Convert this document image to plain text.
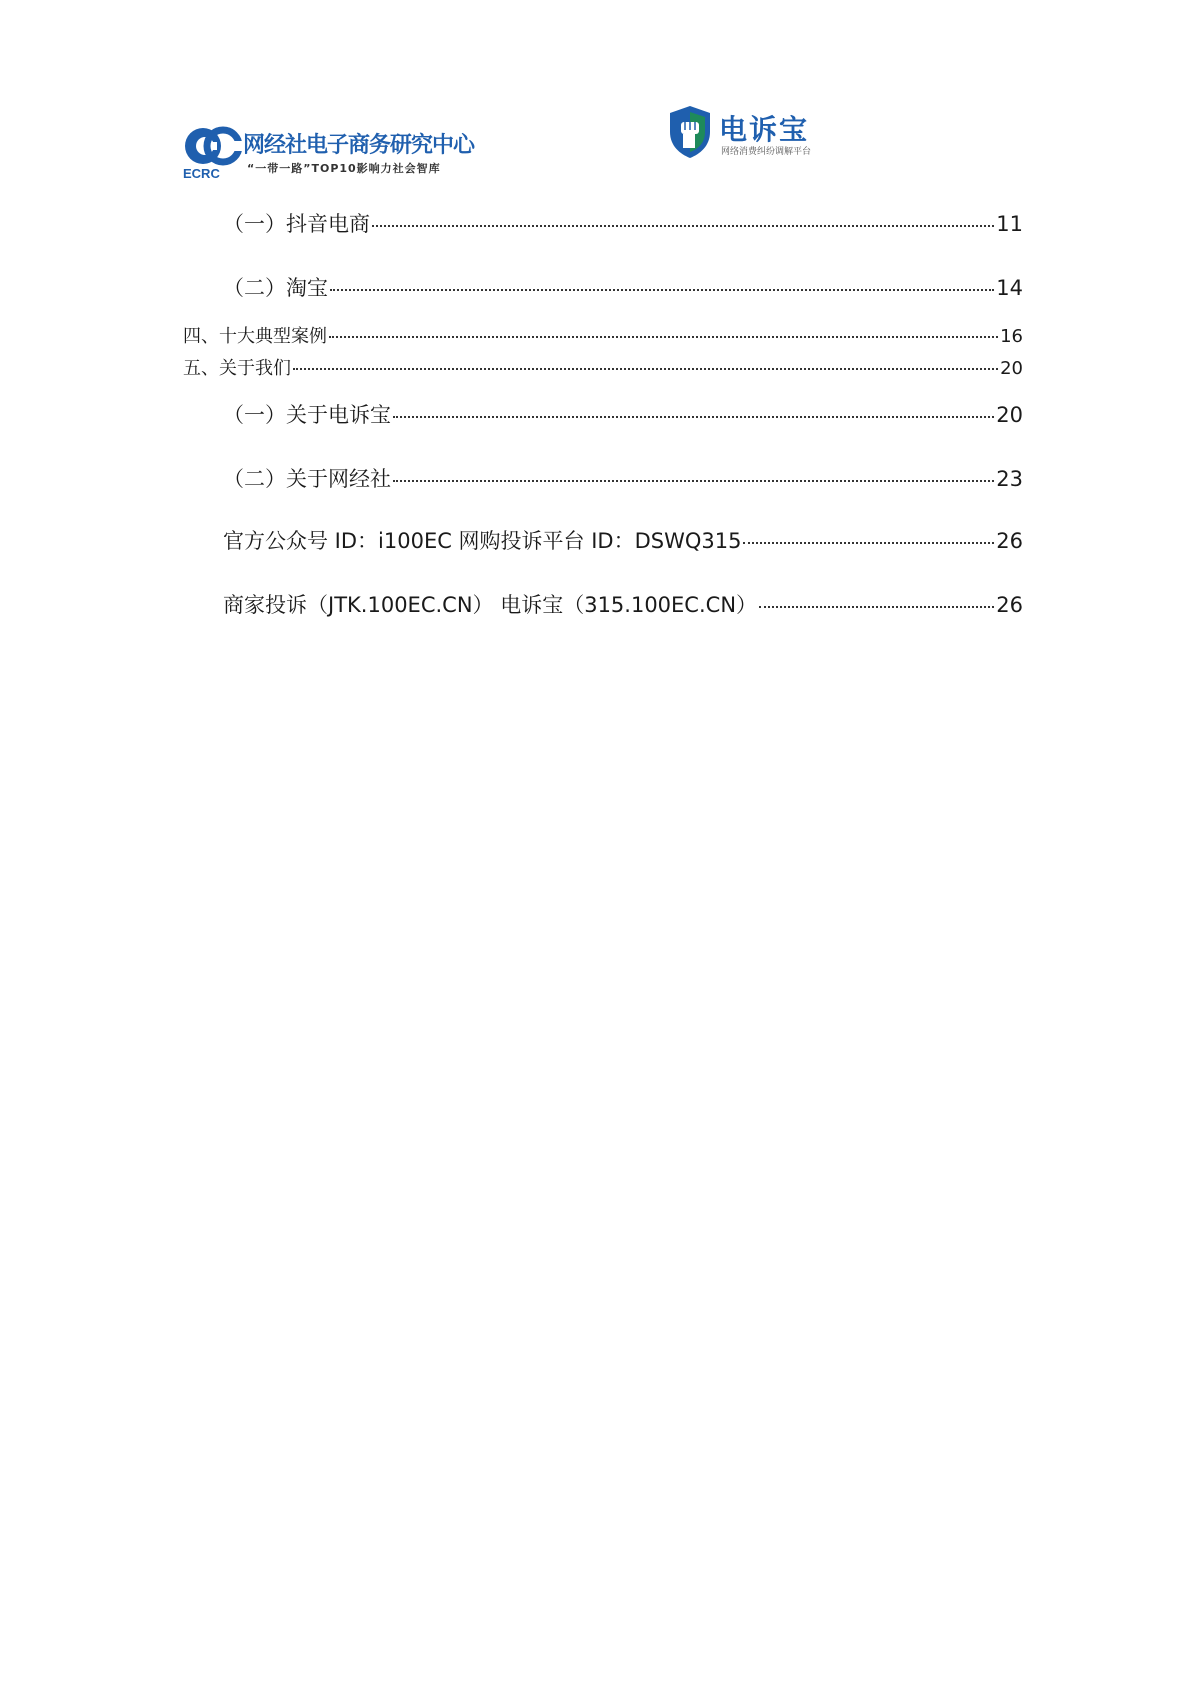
ECRC
网经社电子商务研究中心
“一带一路”TOP10影响力社会智库
电诉宝
网络消费纠纷调解平台
（一）抖音电商	11
（二）淘宝	14
四、十大典型案例	16
五、关于我们	20
（一）关于电诉宝	20
（二）关于网经社	23
官方公众号 ID：i100EC 网购投诉平台 ID：DSWQ315	26
商家投诉（JTK.100EC.CN） 电诉宝（315.100EC.CN）	26
